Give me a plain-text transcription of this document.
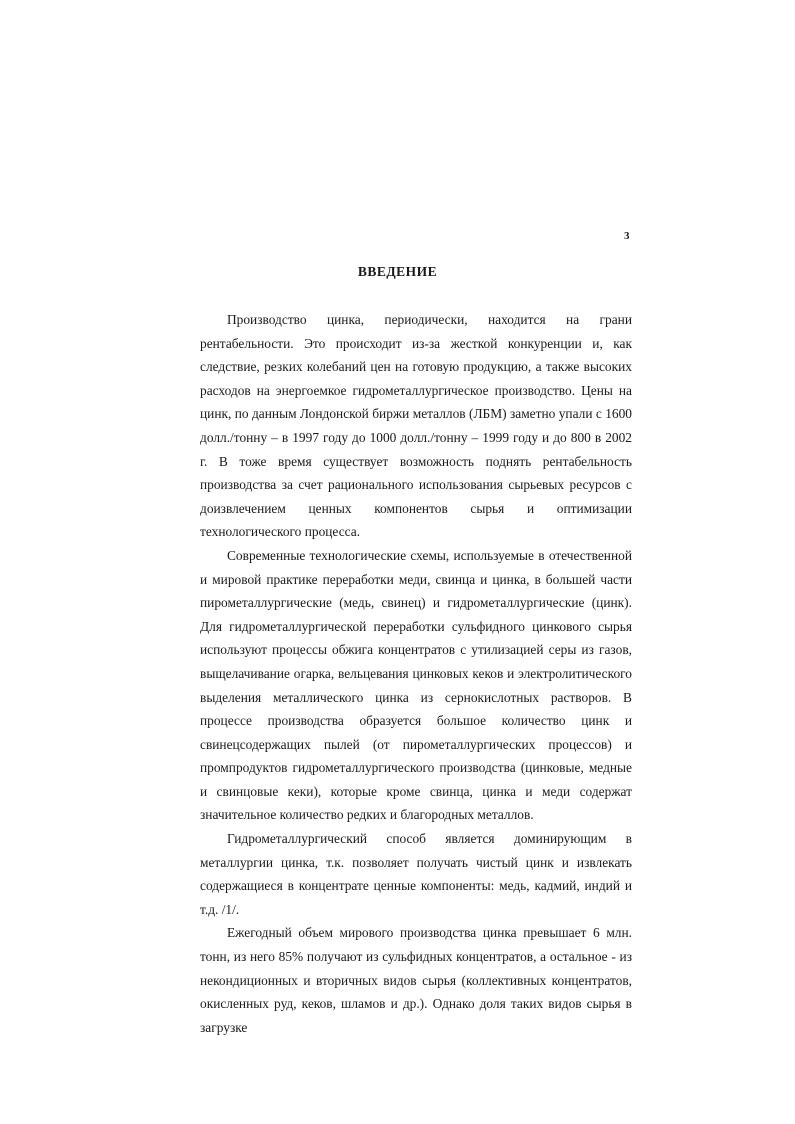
3
ВВЕДЕНИЕ

Производство цинка, периодически, находится на грани рентабельности. Это происходит из-за жесткой конкуренции и, как следствие, резких колебаний цен на готовую продукцию, а также высоких расходов на энергоемкое гидрометаллургическое производство. Цены на цинк, по данным Лондонской биржи металлов (ЛБМ) заметно упали с 1600 долл./тонну – в 1997 году до 1000 долл./тонну – 1999 году и до 800 в 2002 г. В тоже время существует возможность поднять рентабельность производства за счет рационального использования сырьевых ресурсов с доизвлечением ценных компонентов сырья и оптимизации технологического процесса.

Современные технологические схемы, используемые в отечественной и мировой практике переработки меди, свинца и цинка, в большей части пирометаллургические (медь, свинец) и гидрометаллургические (цинк). Для гидрометаллургической переработки сульфидного цинкового сырья используют процессы обжига концентратов с утилизацией серы из газов, выщелачивание огарка, вельцевания цинковых кеков и электролитического выделения металлического цинка из сернокислотных растворов. В процессе производства образуется большое количество цинк и свинецсодержащих пылей (от пирометаллургических процессов) и промпродуктов гидрометаллургического производства (цинковые, медные и свинцовые кеки), которые кроме свинца, цинка и меди содержат значительное количество редких и благородных металлов.

Гидрометаллургический способ является доминирующим в металлургии цинка, т.к. позволяет получать чистый цинк и извлекать содержащиеся в концентрате ценные компоненты: медь, кадмий, индий и т.д. /1/.

Ежегодный объем мирового производства цинка превышает 6 млн. тонн, из него 85% получают из сульфидных концентратов, а остальное - из некондиционных и вторичных видов сырья (коллективных концентратов, окисленных руд, кеков, шламов и др.). Однако доля таких видов сырья в загрузке
